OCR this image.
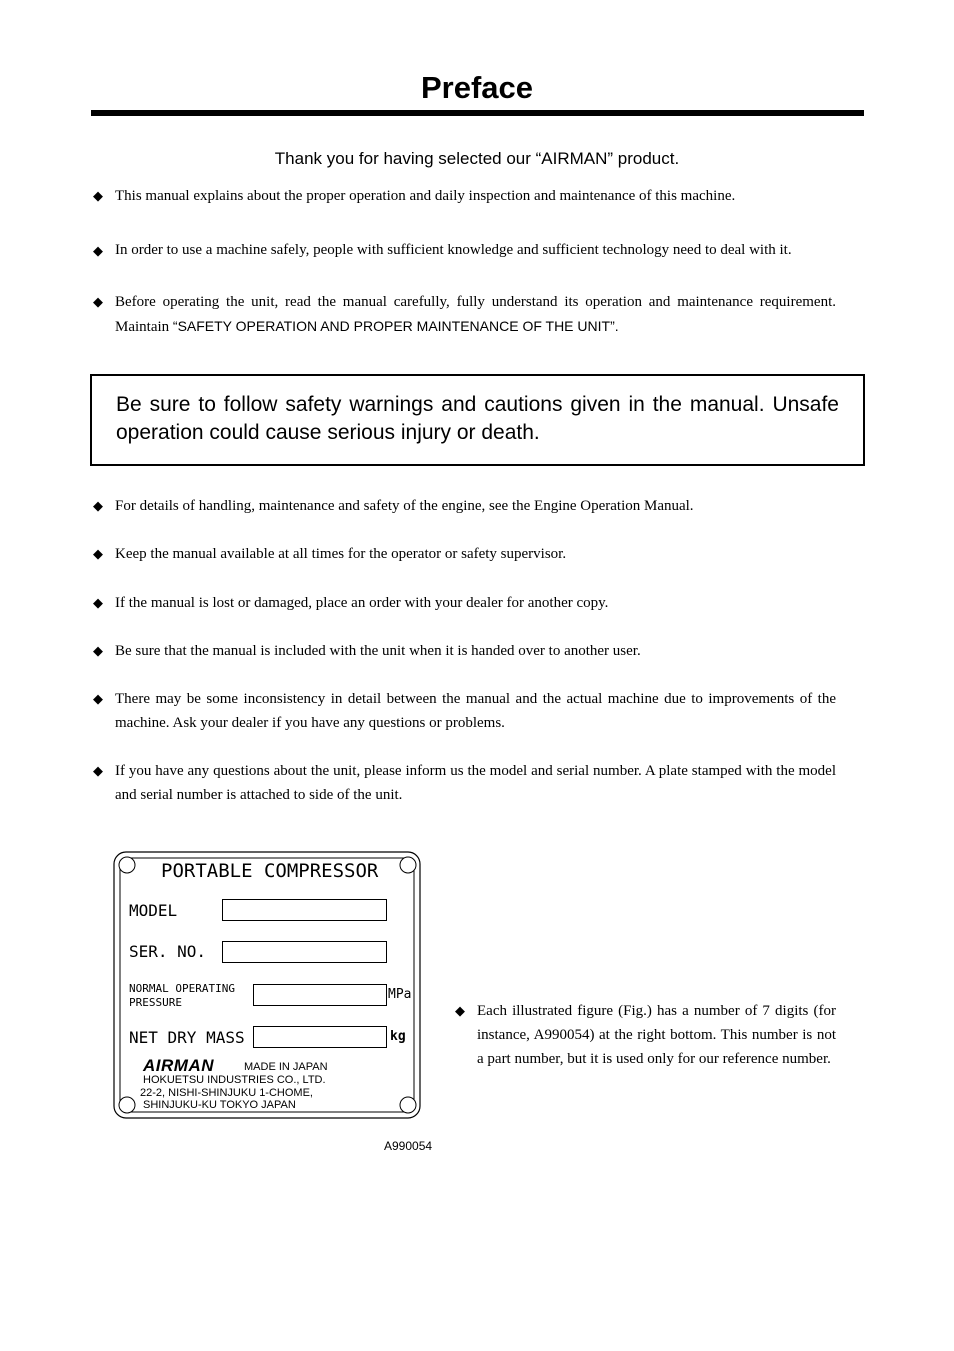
Preface
Thank you for having selected our “AIRMAN” product.
◆ This manual explains about the proper operation and daily inspection and maintenance of this machine.
◆ In order to use a machine safely, people with sufficient knowledge and sufficient technology need to deal with it.
◆ Before operating the unit, read the manual carefully, fully understand its operation and maintenance requirement. Maintain “SAFETY OPERATION AND PROPER MAINTENANCE OF THE UNIT”.
Be sure to follow safety warnings and cautions given in the manual. Unsafe operation could cause serious injury or death.
◆ For details of handling, maintenance and safety of the engine, see the Engine Operation Manual.
◆ Keep the manual available at all times for the operator or safety supervisor.
◆ If the manual is lost or damaged, place an order with your dealer for another copy.
◆ Be sure that the manual is included with the unit when it is handed over to another user.
◆ There may be some inconsistency in detail between the manual and the actual machine due to improvements of the machine. Ask your dealer if you have any questions or problems.
◆ If you have any questions about the unit, please inform us the model and serial number. A plate stamped with the model and serial number is attached to side of the unit.
PORTABLE COMPRESSOR
MODEL
SER. NO.
NORMAL OPERATING
PRESSURE
MPa
NET DRY MASS	kg
AIRMAN	MADE IN JAPAN
HOKUETSU INDUSTRIES CO., LTD.
22-2, NISHI-SHINJUKU 1-CHOME,
SHINJUKU-KU TOKYO JAPAN
A990054
◆ Each illustrated figure (Fig.) has a number of 7 digits (for instance, A990054) at the right bottom. This number is not a part number, but it is used only for our reference number.
